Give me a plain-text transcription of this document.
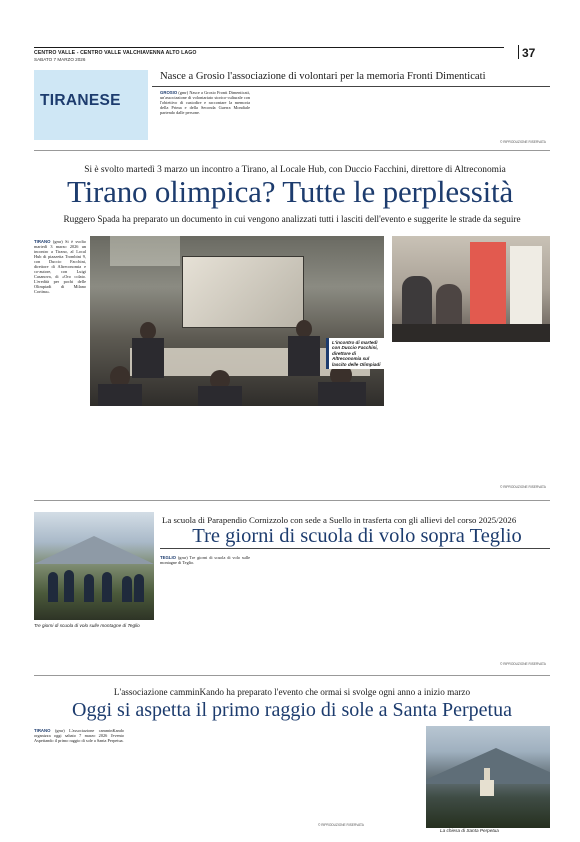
CENTRO VALLE - CENTRO VALLE VALCHIAVENNA ALTO LAGO
SABATO 7 MARZO 2026	37
TIRANESE
Nasce a Grosio l'associazione di volontari per la memoria Fronti Dimenticati
GROSIO (gmr) Nasce a Grosio Fronti Dimenticati, un'associazione di volontariato storico-culturale con l'obiettivo di custodire e raccontare la memoria della Prima e della Seconda Guerra Mondiale partendo dalle persone.
© RIPRODUZIONE RISERVATA
Si è svolto martedì 3 marzo un incontro a Tirano, al Locale Hub, con Duccio Facchini, direttore di Altreconomia
Tirano olimpica? Tutte le perplessità
Ruggero Spada ha preparato un documento in cui vengono analizzati tutti i lasciti dell'evento e suggerite le strade da seguire
TIRANO (gmr) Si è svolto martedì 3 marzo 2026 un incontro a Tirano, al Local Hub di piazzetta Trombini 9, con Duccio Facchini, direttore di Altreconomia e co-autore, con Luigi Casanova, di «Oro colato. L'eredità per pochi delle Olimpiadi di Milano Cortina».
L'incontro di martedì con Duccio Facchini, direttore di Altreconomia sul lascito delle Olimpiadi
© RIPRODUZIONE RISERVATA
Tre giorni di scuola di volo sulle montagne di Teglio
La scuola di Parapendio Cornizzolo con sede a Suello in trasferta con gli allievi del corso 2025/2026
Tre giorni di scuola di volo sopra Teglio
TEGLIO (gmr) Tre giorni di scuola di volo sulle montagne di Teglio.
© RIPRODUZIONE RISERVATA
L'associazione camminKando ha preparato l'evento che ormai si svolge ogni anno a inizio marzo
Oggi si aspetta il primo raggio di sole a Santa Perpetua
TIRANO (gmr) L'associazione camminKando organizza oggi sabato 7 marzo 2026 l'evento Aspettando il primo raggio di sole a Santa Perpetua.
© RIPRODUZIONE RISERVATA
La chiesa di Santa Perpetua
